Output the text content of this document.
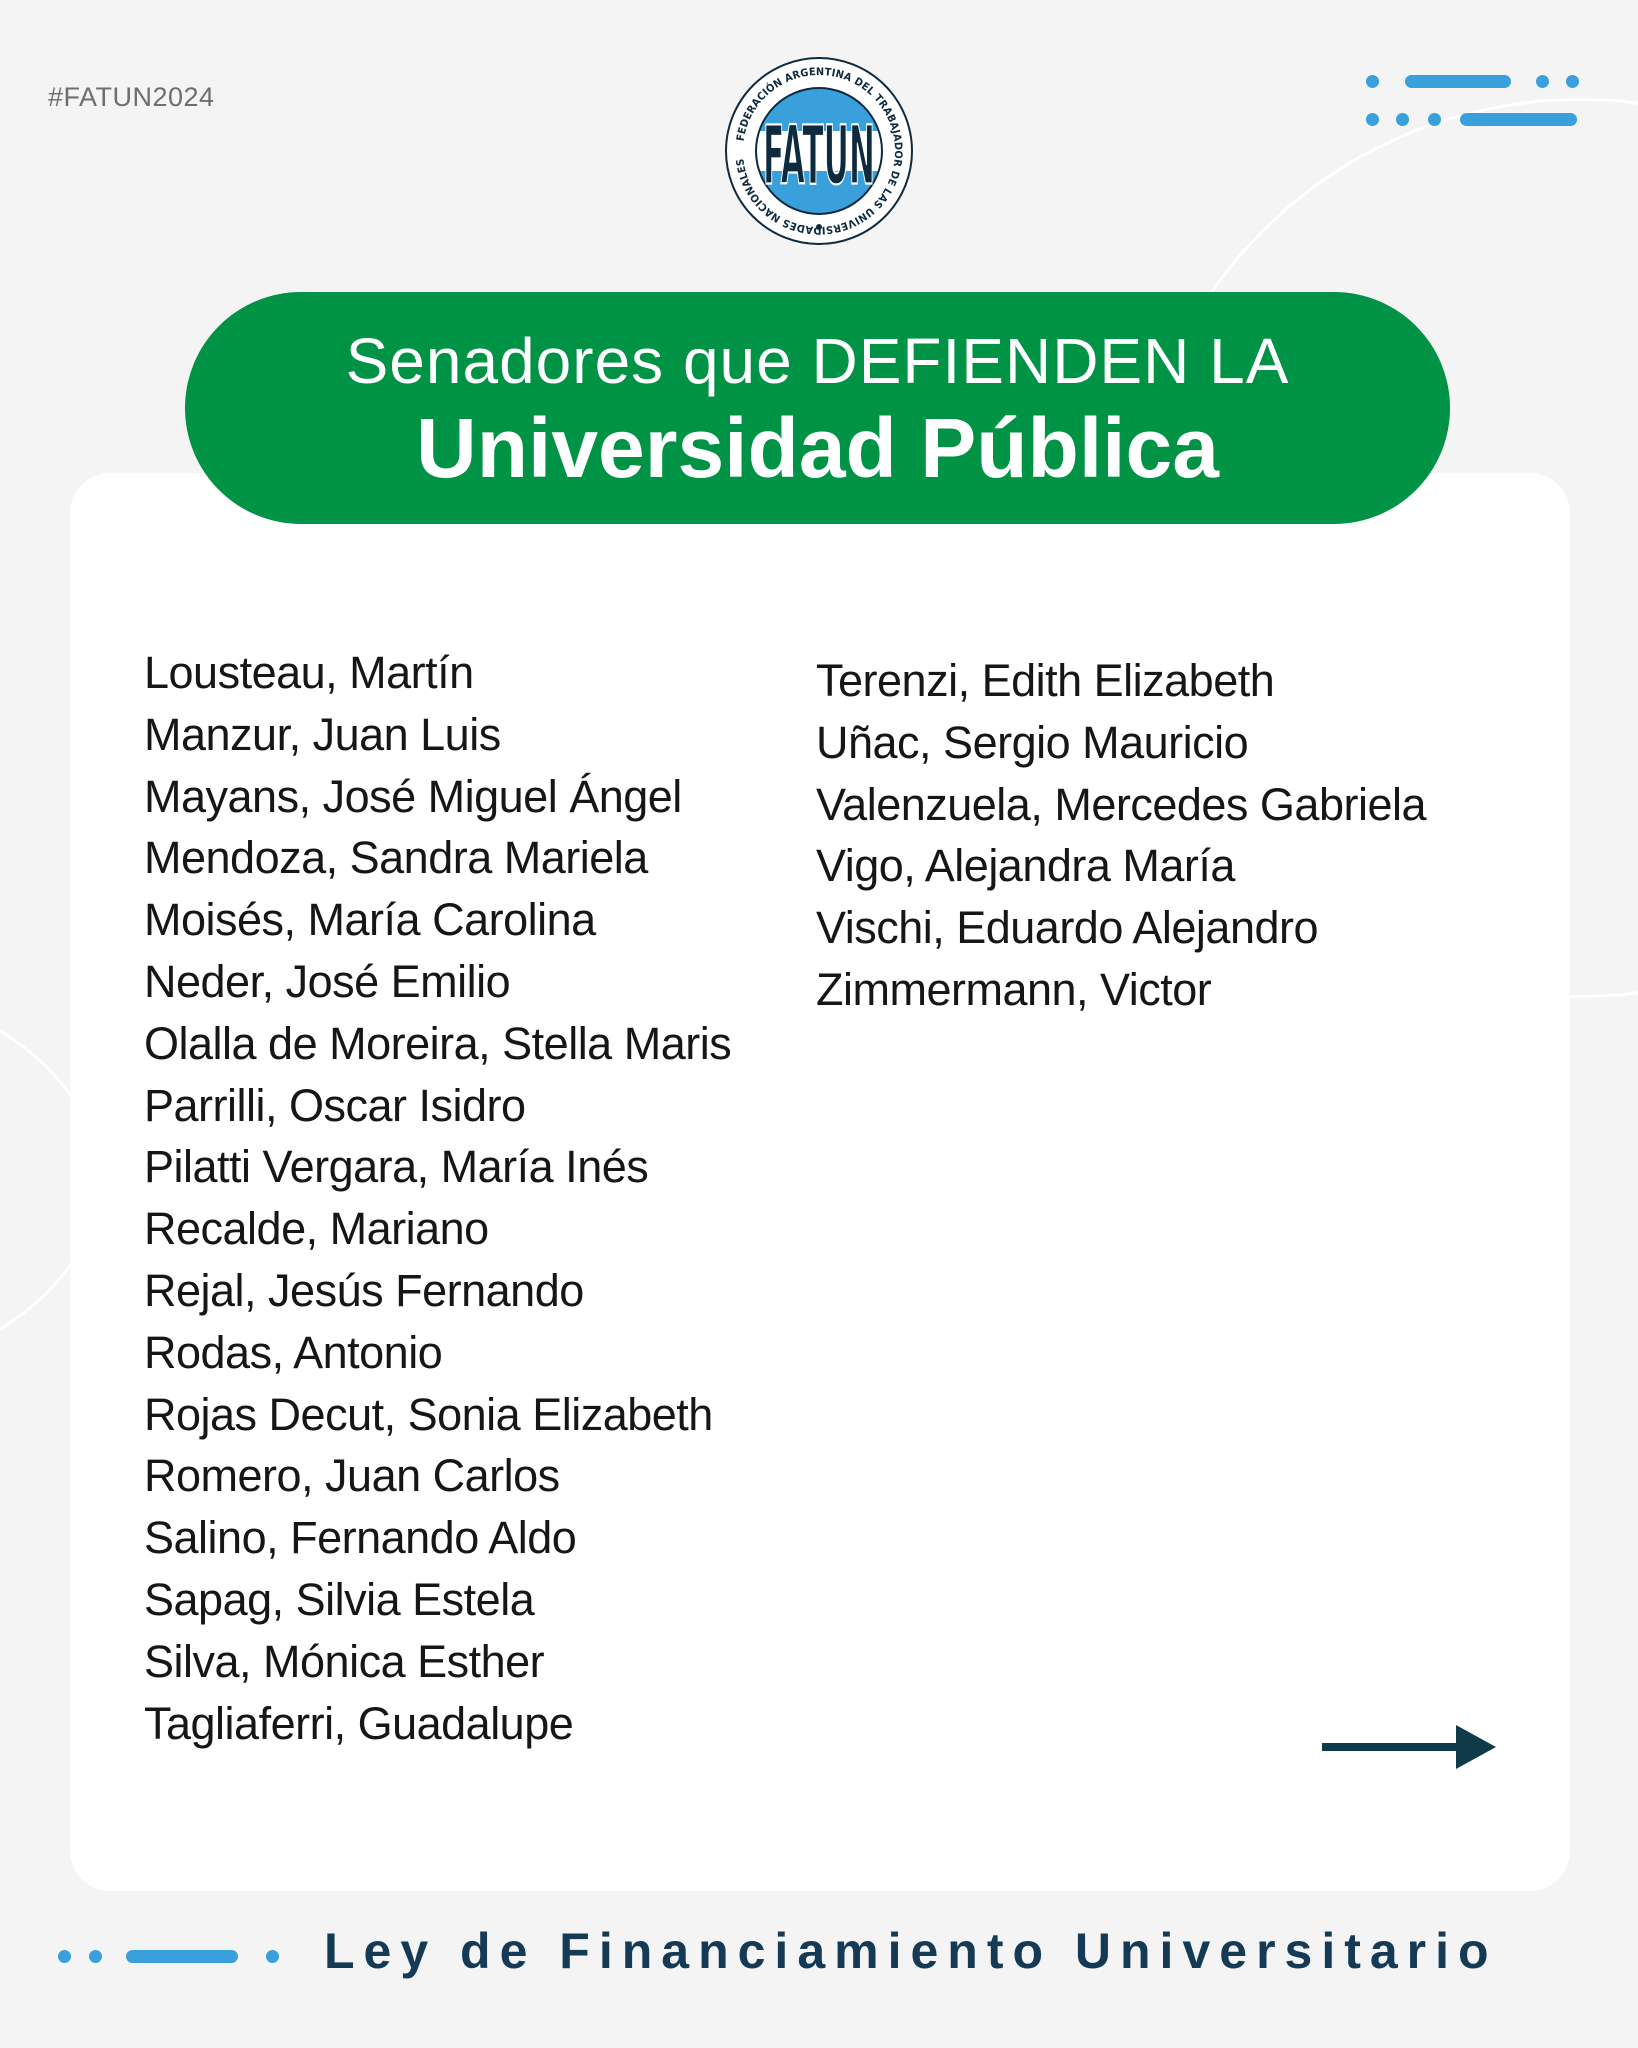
#FATUN2024
FATUN
FEDERACIÓN ARGENTINA DEL TRABAJADOR DE LAS UNIVERSIDADES NACIONALES
Senadores que DEFIENDEN LA
Universidad Pública
Lousteau, Martín
Manzur, Juan Luis
Mayans, José Miguel Ángel
Mendoza, Sandra Mariela
Moisés, María Carolina
Neder, José Emilio
Olalla de Moreira, Stella Maris
Parrilli, Oscar Isidro
Pilatti Vergara, María Inés
Recalde, Mariano
Rejal, Jesús Fernando
Rodas, Antonio
Rojas Decut, Sonia Elizabeth
Romero, Juan Carlos
Salino, Fernando Aldo
Sapag, Silvia Estela
Silva, Mónica Esther
Tagliaferri, Guadalupe
Terenzi, Edith Elizabeth
Uñac, Sergio Mauricio
Valenzuela, Mercedes Gabriela
Vigo, Alejandra María
Vischi, Eduardo Alejandro
Zimmermann, Victor
Ley de Financiamiento Universitario
